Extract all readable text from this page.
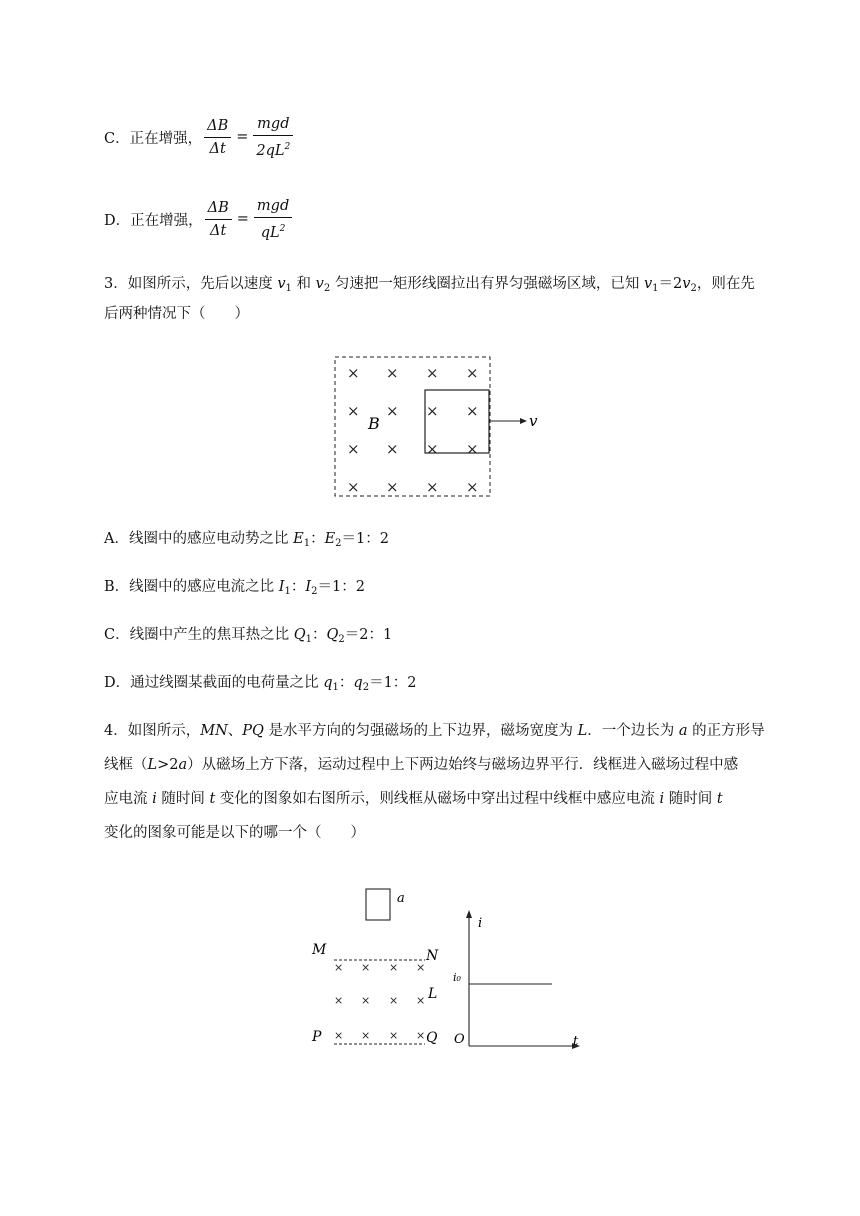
C．正在增强， $\frac{\Delta B}{\Delta t} = \frac{\text{mgd}}{2qL^2}$
D．正在增强， $\frac{\Delta B}{\Delta t} = \frac{\text{mgd}}{qL^2}$
3．如图所示，先后以速度 $v_1$ 和 $v_2$ 匀速把一矩形线圈拉出有界匀强磁场区域，已知 $v_1=2v_2$，则在先
后两种情况下（　　）
× × × ×
× × × ×
× × × ×
× × × ×
B	v
A．线圈中的感应电动势之比 $E_1$：$E_2=1$：2
B．线圈中的感应电流之比 $I_1$：$I_2=1$：2
C．线圈中产生的焦耳热之比 $Q_1$：$Q_2=2$：1
D．通过线圈某截面的电荷量之比 $q_1$：$q_2=1$：2
4．如图所示，MN、PQ 是水平方向的匀强磁场的上下边界，磁场宽度为 L．一个边长为 a 的正方形导
线框（L>2a）从磁场上方下落，运动过程中上下两边始终与磁场边界平行．线框进入磁场过程中感
应电流 i 随时间 t 变化的图象如右图所示，则线框从磁场中穿出过程中线框中感应电流 i 随时间 t
变化的图象可能是以下的哪一个（　　）
a
M	N
P	Q
L
× × × ×
× × × ×
× × × ×
i
t
O
i₀
